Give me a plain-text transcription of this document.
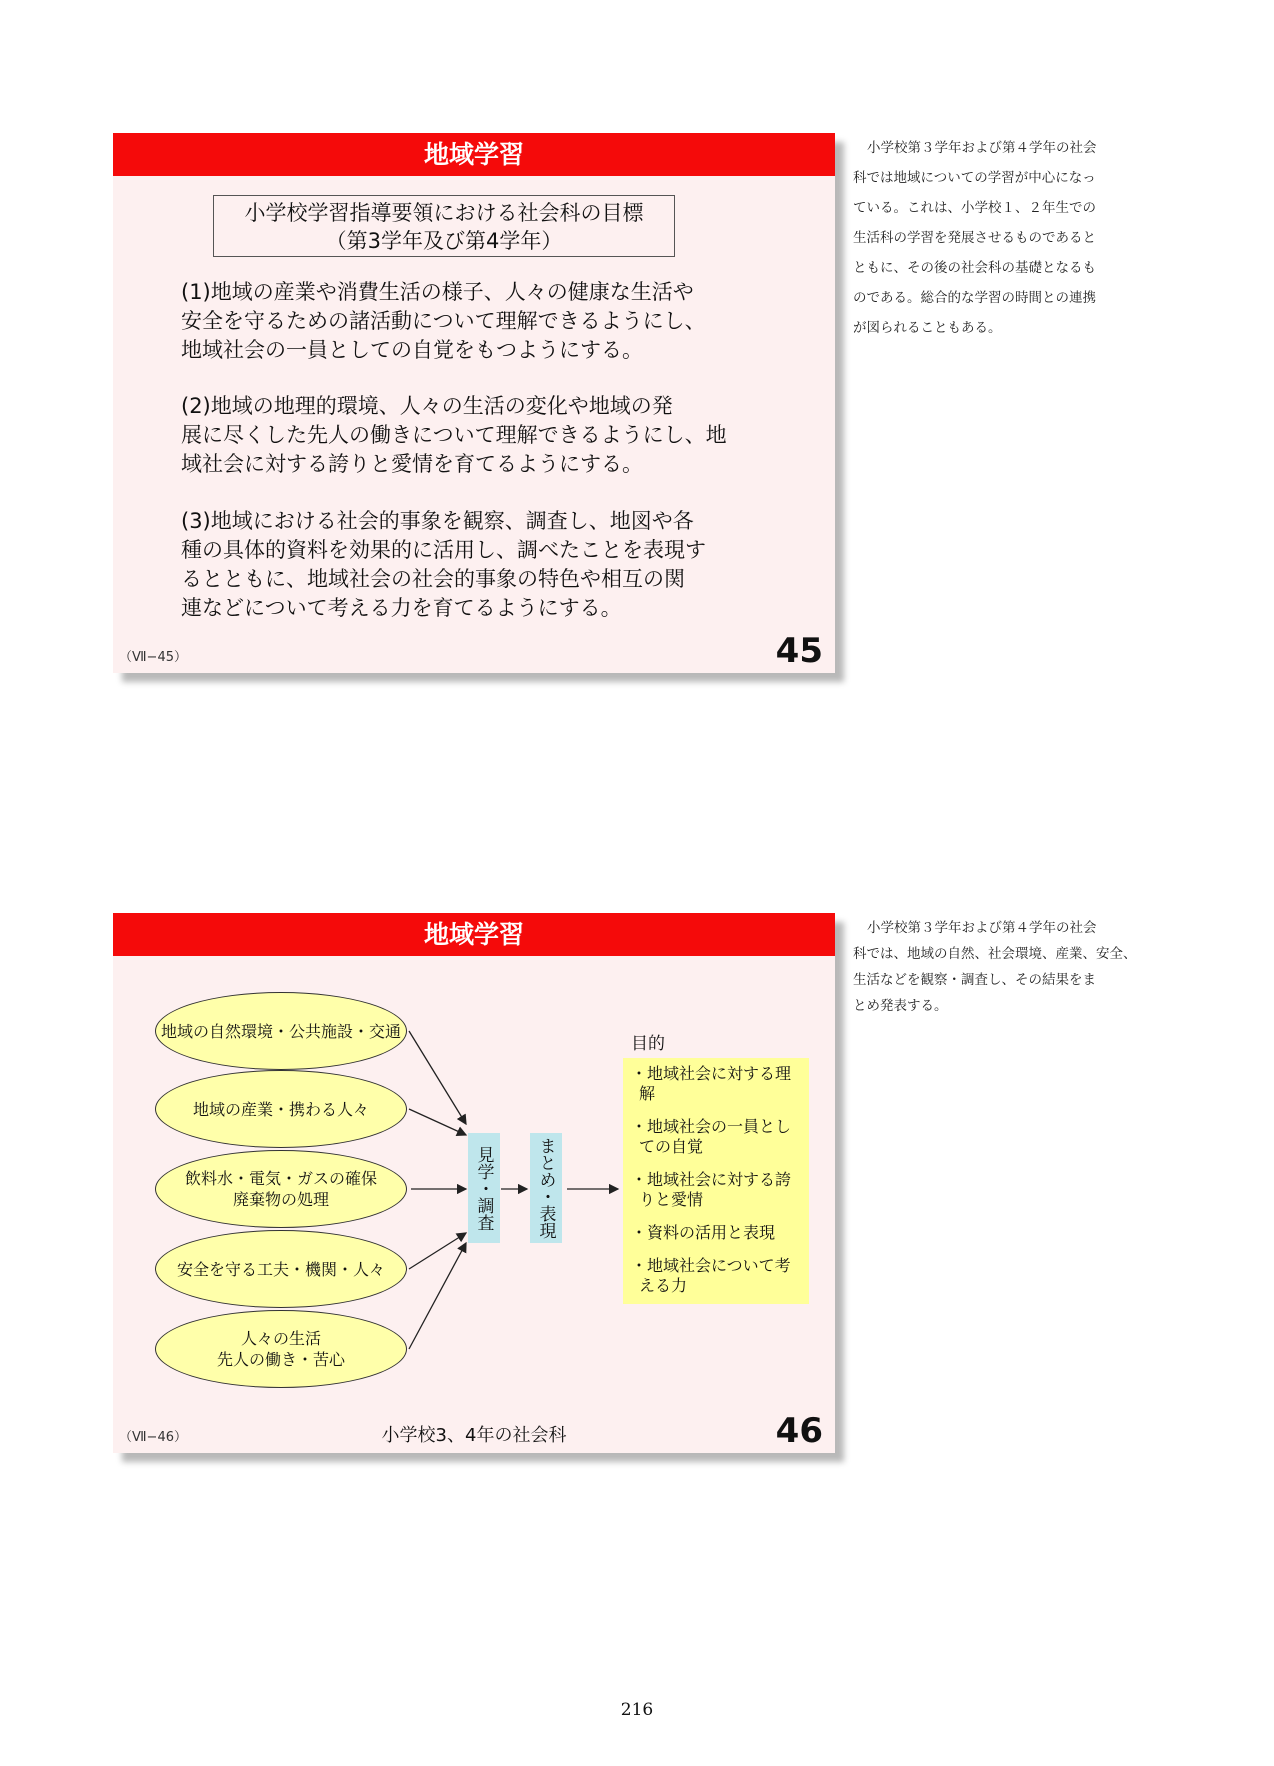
地域学習
小学校学習指導要領における社会科の目標
（第3学年及び第4学年）
(1)地域の産業や消費生活の様子、人々の健康な生活や
安全を守るための諸活動について理解できるようにし、
地域社会の一員としての自覚をもつようにする。
(2)地域の地理的環境、人々の生活の変化や地域の発
展に尽くした先人の働きについて理解できるようにし、地
域社会に対する誇りと愛情を育てるようにする。
(3)地域における社会的事象を観察、調査し、地図や各
種の具体的資料を効果的に活用し、調べたことを表現す
るとともに、地域社会の社会的事象の特色や相互の関
連などについて考える力を育てるようにする。
（Ⅶ−45）	45
小学校第３学年および第４学年の社会
科では地域についての学習が中心になっ
ている。これは、小学校１、２年生での
生活科の学習を発展させるものであると
ともに、その後の社会科の基礎となるも
のである。総合的な学習の時間との連携
が図られることもある。
地域学習
地域の自然環境・公共施設・交通
地域の産業・携わる人々
飲料水・電気・ガスの確保
廃棄物の処理
安全を守る工夫・機関・人々
人々の生活
先人の働き・苦心
見学・調査	まとめ・表現
目的
・地域社会に対する理
解
・地域社会の一員とし
ての自覚
・地域社会に対する誇
りと愛情
・資料の活用と表現
・地域社会について考
える力
小学校3、4年の社会科
（Ⅶ−46）	46
小学校第３学年および第４学年の社会
科では、地域の自然、社会環境、産業、安全、
生活などを観察・調査し、その結果をま
とめ発表する。
216
